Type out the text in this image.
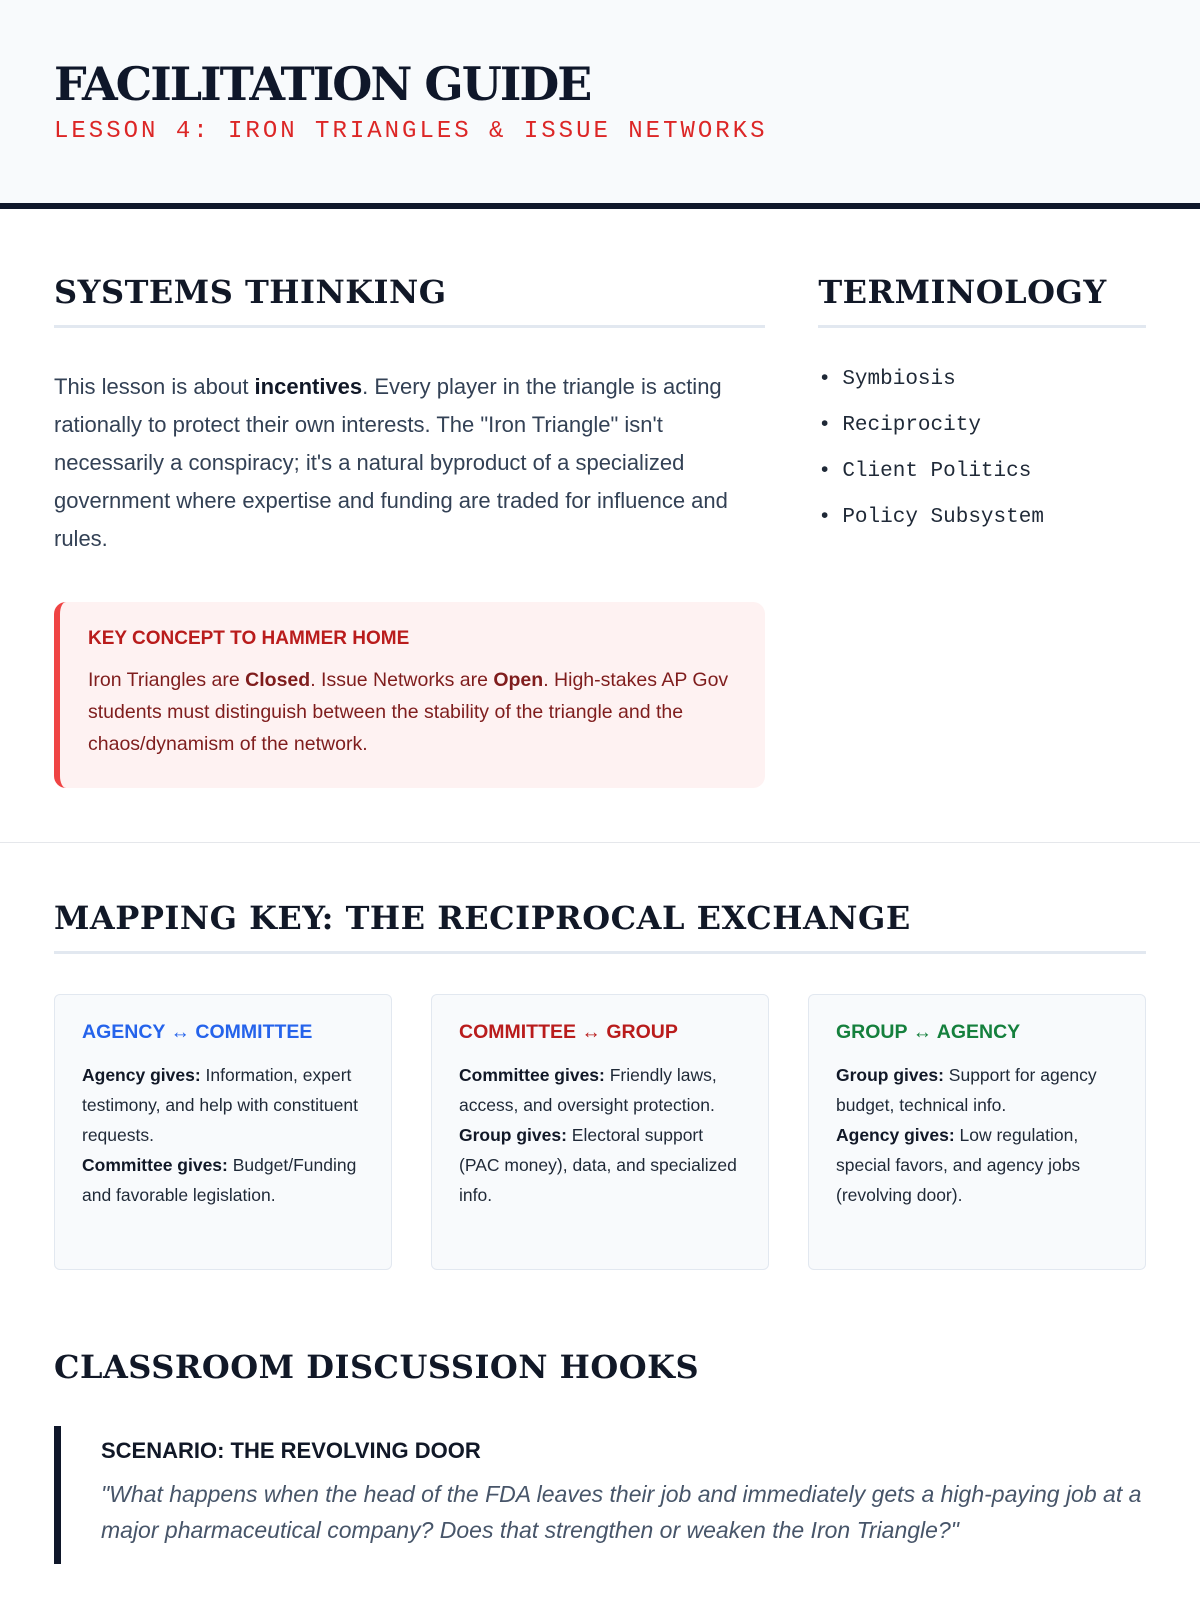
FACILITATION GUIDE
LESSON 4: IRON TRIANGLES & ISSUE NETWORKS
SYSTEMS THINKING

This lesson is about incentives. Every player in the triangle is acting rationally to protect their own interests. The "Iron Triangle" isn't necessarily a conspiracy; it's a natural byproduct of a specialized government where expertise and funding are traded for influence and rules.

KEY CONCEPT TO HAMMER HOME

Iron Triangles are Closed. Issue Networks are Open. High-stakes AP Gov students must distinguish between the stability of the triangle and the chaos/dynamism of the network.

TERMINOLOGY
• Symbiosis
• Reciprocity
• Client Politics
• Policy Subsystem
MAPPING KEY: THE RECIPROCAL EXCHANGE
AGENCY ↔ COMMITTEE

Agency gives: Information, expert testimony, and help with constituent requests.
Committee gives: Budget/Funding and favorable legislation.

COMMITTEE ↔ GROUP

Committee gives: Friendly laws, access, and oversight protection.
Group gives: Electoral support (PAC money), data, and specialized info.

GROUP ↔ AGENCY

Group gives: Support for agency budget, technical info.
Agency gives: Low regulation, special favors, and agency jobs (revolving door).

CLASSROOM DISCUSSION HOOKS
SCENARIO: THE REVOLVING DOOR

"What happens when the head of the FDA leaves their job and immediately gets a high-paying job at a major pharmaceutical company? Does that strengthen or weaken the Iron Triangle?"
